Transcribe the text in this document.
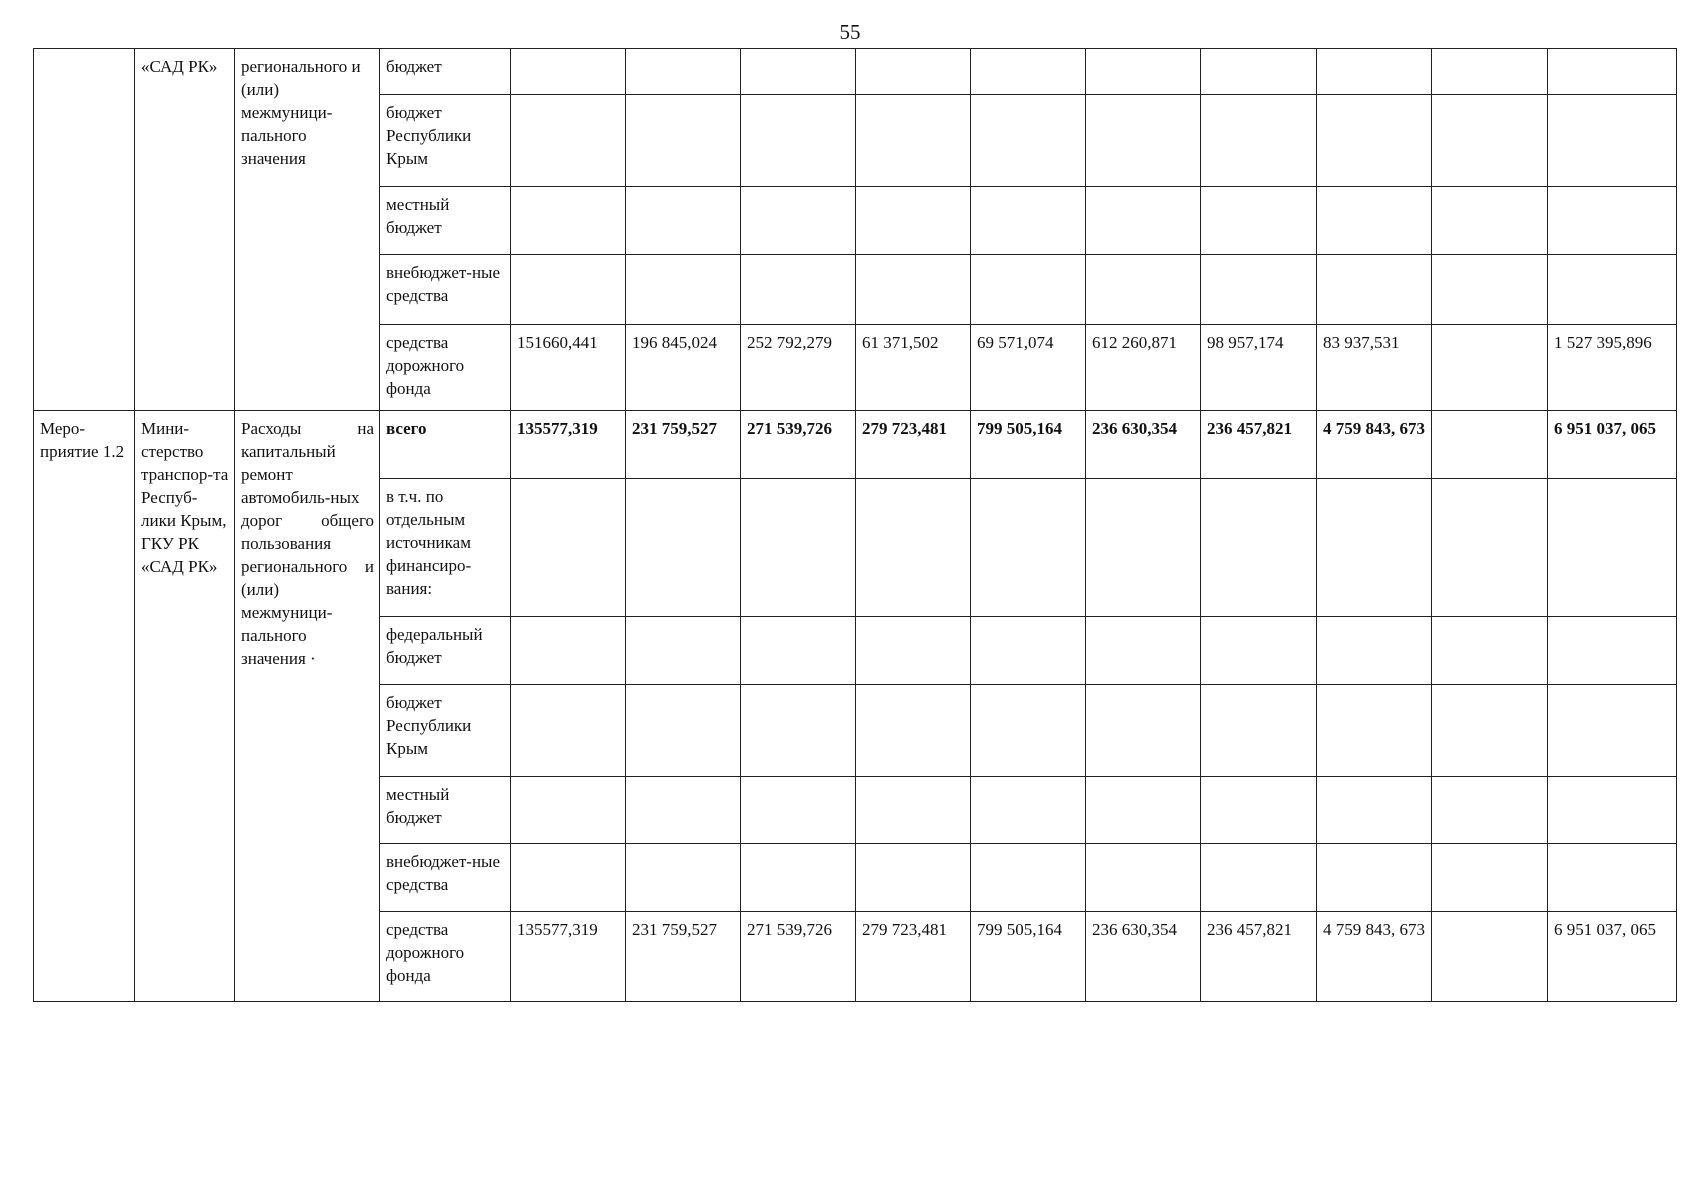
55
	«САД РК»	регионального и (или) межмуници-пального значения	бюджет										
			бюджет Республики Крым										
			местный бюджет										
			внебюджет-ные средства										
			средства дорожного фонда	151660,441	196 845,024	252 792,279	61 371,502	69 571,074	612 260,871	98 957,174	83 937,531		1 527 395,896
Меро-приятие 1.2	Мини-стерство транспор-та Респуб-лики Крым, ГКУ РК «САД РК»	Расходы на капитальный ремонт автомобиль-ных дорог общего пользования регионального и (или) межмуници-пального значения ·	всего	135577,319	231 759,527	271 539,726	279 723,481	799 505,164	236 630,354	236 457,821	4 759 843, 673		6 951 037, 065
			в т.ч. по отдельным источникам финансиро-вания:										
			федеральный бюджет										
			бюджет Республики Крым										
			местный бюджет										
			внебюджет-ные средства										
			средства дорожного фонда	135577,319	231 759,527	271 539,726	279 723,481	799 505,164	236 630,354	236 457,821	4 759 843, 673		6 951 037, 065
